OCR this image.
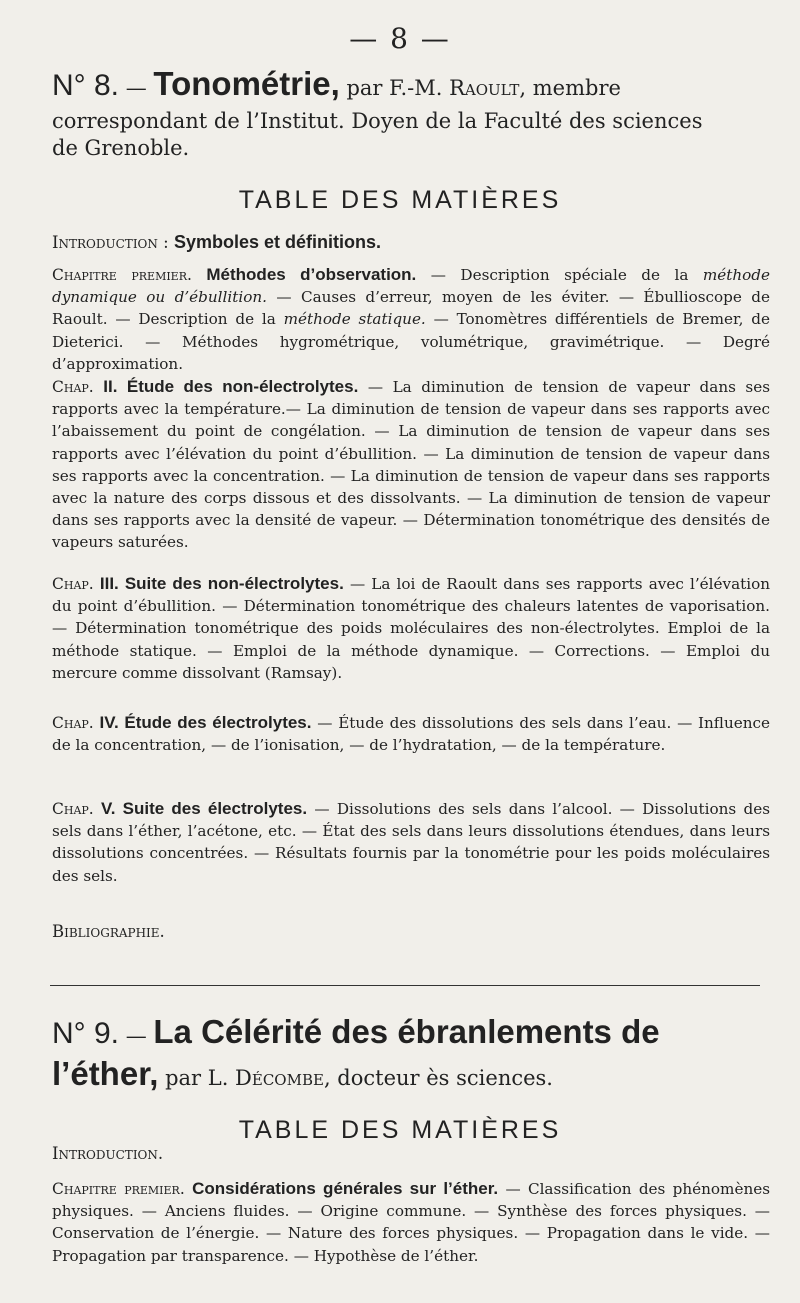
— 8 —
N° 8. — Tonométrie, par F.-M. Raoult, membre
correspondant de l’Institut. Doyen de la Faculté des sciences
de Grenoble.
TABLE DES MATIÈRES
Introduction : Symboles et définitions.
Chapitre premier. Méthodes d’observation. — Description spéciale de la méthode dynamique ou d’ébullition. — Causes d’erreur, moyen de les éviter. — Ébullioscope de Raoult. — Description de la méthode statique. — Tonomètres différentiels de Bremer, de Dieterici. — Méthodes hygrométrique, volumétrique, gravimétrique. — Degré d’approximation.
Chap. II. Étude des non-électrolytes. — La diminution de tension de vapeur dans ses rapports avec la température.— La diminution de tension de vapeur dans ses rapports avec l’abaissement du point de congélation. — La diminution de tension de vapeur dans ses rapports avec l’élévation du point d’ébullition. — La diminution de tension de vapeur dans ses rapports avec la concentration. — La diminution de tension de vapeur dans ses rapports avec la nature des corps dissous et des dissolvants. — La diminution de tension de vapeur dans ses rapports avec la densité de vapeur. — Détermination tonométrique des densités de vapeurs saturées.
Chap. III. Suite des non-électrolytes. — La loi de Raoult dans ses rapports avec l’élévation du point d’ébullition. — Détermination tonométrique des chaleurs latentes de vaporisation. — Détermination tonométrique des poids moléculaires des non-électrolytes. Emploi de la méthode statique. — Emploi de la méthode dynamique. — Corrections. — Emploi du mercure comme dissolvant (Ramsay).
Chap. IV. Étude des électrolytes. — Étude des dissolutions des sels dans l’eau. — Influence de la concentration, — de l’ionisation, — de l’hydratation, — de la température.
Chap. V. Suite des électrolytes. — Dissolutions des sels dans l’alcool. — Dissolutions des sels dans l’éther, l’acétone, etc. — État des sels dans leurs dissolutions étendues, dans leurs dissolutions concentrées. — Résultats fournis par la tonométrie pour les poids moléculaires des sels.
Bibliographie.
N° 9. — La Célérité des ébranlements de
l’éther, par L. Décombe, docteur ès sciences.
TABLE DES MATIÈRES
Introduction.
Chapitre premier. Considérations générales sur l’éther. — Classification des phénomènes physiques. — Anciens fluides. — Origine commune. — Synthèse des forces physiques. — Conservation de l’énergie. — Nature des forces physiques. — Propagation dans le vide. — Propagation par transparence. — Hypothèse de l’éther.
